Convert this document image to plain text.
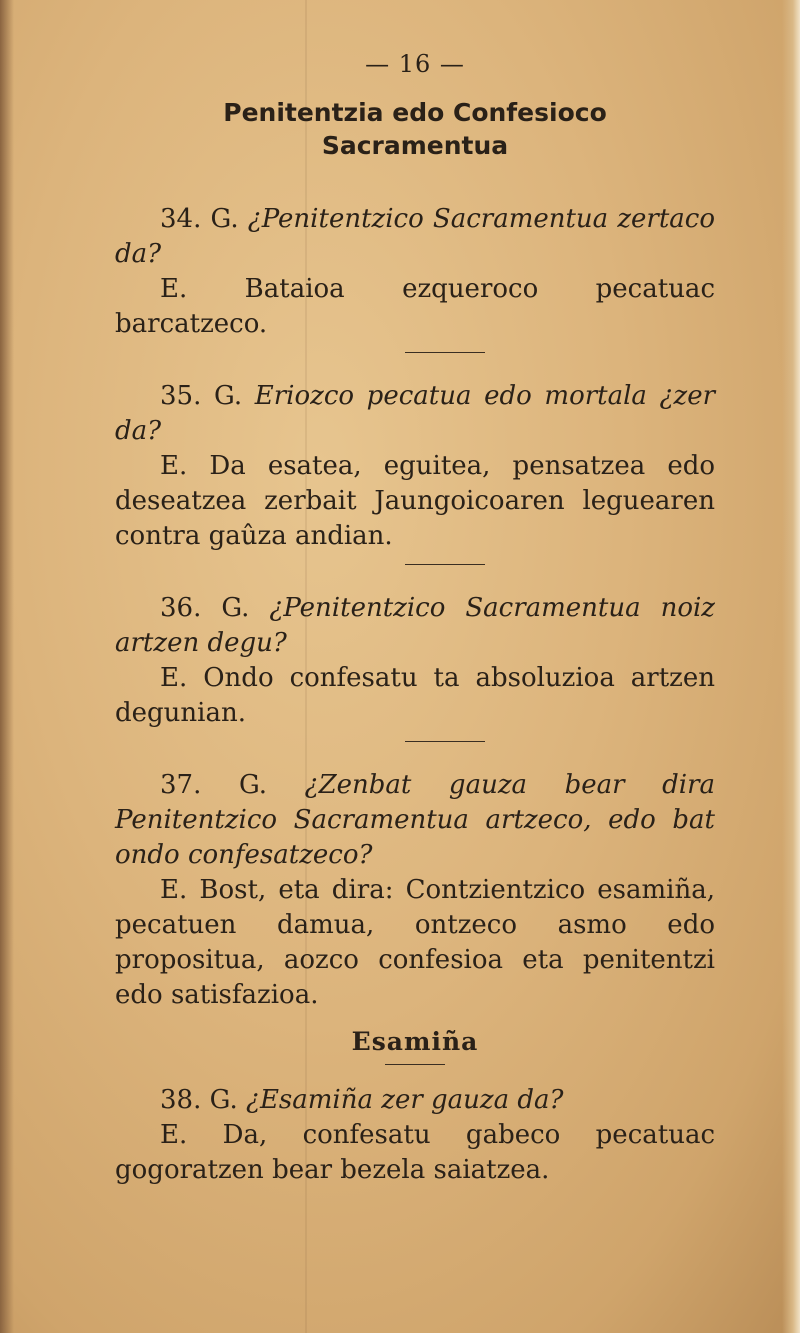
— 16 —

Penitentzia edo Confesioco

Sacramentua

34. G. ¿Penitentzico Sacramentua zertaco da?

E. Bataioa ezqueroco pecatuac barcatzeco.

35. G. Eriozco pecatua edo mortala ¿zer da?

E. Da esatea, eguitea, pensatzea edo deseatzea zerbait Jaungoicoaren leguearen contra gaûza andian.

36. G. ¿Penitentzico Sacramentua noiz artzen degu?

E. Ondo confesatu ta absoluzioa artzen degunian.

37. G. ¿Zenbat gauza bear dira Penitentzico Sacramentua artzeco, edo bat ondo confesatzeco?

E. Bost, eta dira: Contzientzico esamiña, pecatuen damua, ontzeco asmo edo propositua, aozco confesioa eta penitentzi edo satisfazioa.

Esamiña

38. G. ¿Esamiña zer gauza da?

E. Da, confesatu gabeco pecatuac gogoratzen bear bezela saiatzea.
